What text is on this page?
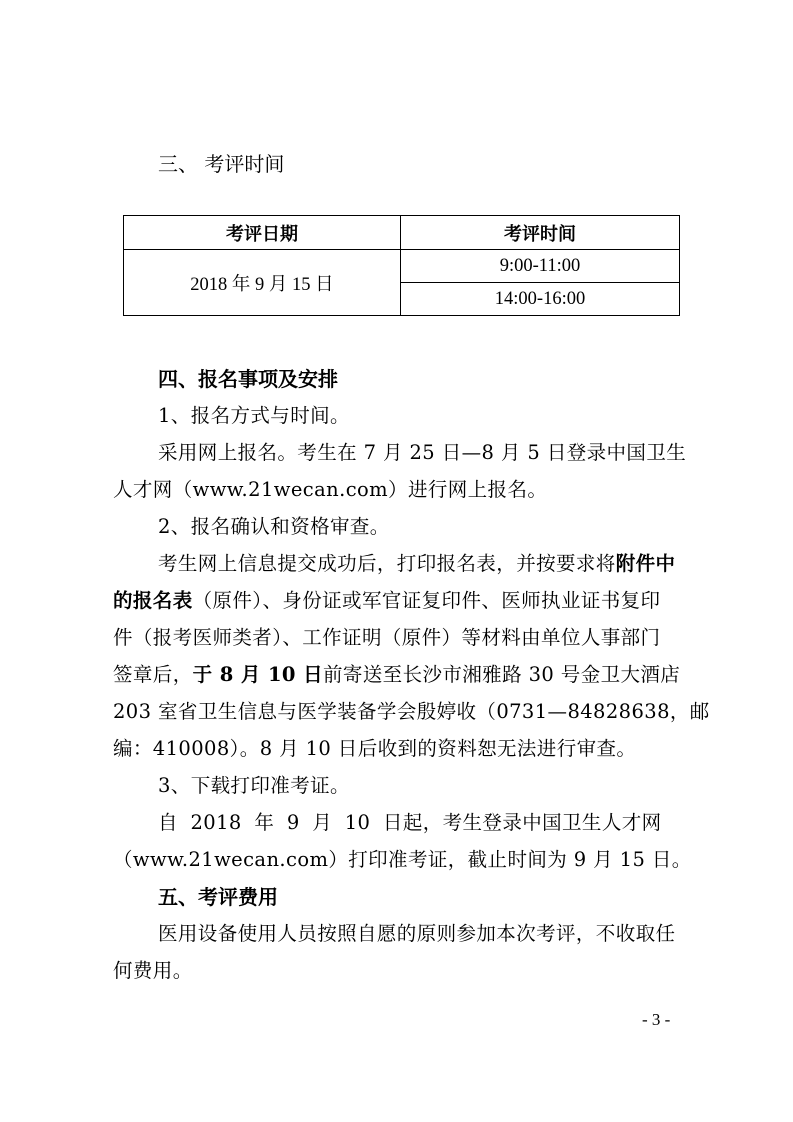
三、 考评时间
考评日期	考评时间
2018 年 9 月 15 日	9:00-11:00
	14:00-16:00
四、报名事项及安排
1、报名方式与时间。
采用网上报名。考生在 7 月 25 日—8 月 5 日登录中国卫生
人才网（www.21wecan.com）进行网上报名。
2、报名确认和资格审查。
考生网上信息提交成功后，打印报名表，并按要求将附件中
的报名表（原件）、身份证或军官证复印件、医师执业证书复印
件（报考医师类者）、工作证明（原件）等材料由单位人事部门
签章后，于 8 月 10 日前寄送至长沙市湘雅路 30 号金卫大酒店
203 室省卫生信息与医学装备学会殷婷收（0731—84828638，邮
编：410008）。8 月 10 日后收到的资料恕无法进行审查。
3、下载打印准考证。
自 2018 年 9 月 10 日起，考生登录中国卫生人才网
（www.21wecan.com）打印准考证，截止时间为 9 月 15 日。
五、考评费用
医用设备使用人员按照自愿的原则参加本次考评，不收取任
何费用。
- 3 -
